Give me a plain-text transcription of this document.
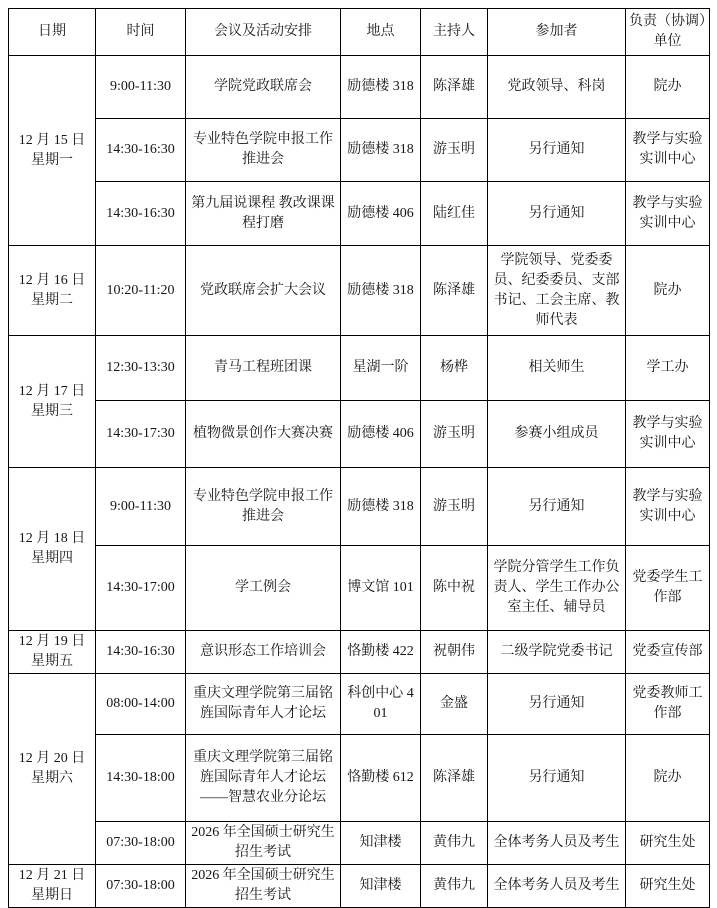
日期	时间	会议及活动安排	地点	主持人	参加者	负责（协调）单位

12 月 15 日
星期一	9:00-11:30	学院党政联席会	励德楼 318	陈泽雄	党政领导、科岗	院办
	14:30-16:30	专业特色学院申报工作推进会	励德楼 318	游玉明	另行通知	教学与实验实训中心
	14:30-16:30	第九届说课程 教改课课程打磨	励德楼 406	陆红佳	另行通知	教学与实验实训中心

12 月 16 日
星期二	10:20-11:20	党政联席会扩大会议	励德楼 318	陈泽雄	学院领导、党委委员、纪委委员、支部书记、工会主席、教师代表	院办

12 月 17 日
星期三	12:30-13:30	青马工程班团课	星湖一阶	杨桦	相关师生	学工办
	14:30-17:30	植物微景创作大赛决赛	励德楼 406	游玉明	参赛小组成员	教学与实验实训中心

12 月 18 日
星期四	9:00-11:30	专业特色学院申报工作推进会	励德楼 318	游玉明	另行通知	教学与实验实训中心
	14:30-17:00	学工例会	博文馆 101	陈中祝	学院分管学生工作负责人、学生工作办公室主任、辅导员	党委学生工作部

12 月 19 日
星期五	14:30-16:30	意识形态工作培训会	恪勤楼 422	祝朝伟	二级学院党委书记	党委宣传部

12 月 20 日
星期六	08:00-14:00	重庆文理学院第三届铭旌国际青年人才论坛	科创中心 401	金盛	另行通知	党委教师工作部
	14:30-18:00	重庆文理学院第三届铭旌国际青年人才论坛——智慧农业分论坛	恪勤楼 612	陈泽雄	另行通知	院办
	07:30-18:00	2026 年全国硕士研究生招生考试	知津楼	黄伟九	全体考务人员及考生	研究生处

12 月 21 日
星期日	07:30-18:00	2026 年全国硕士研究生招生考试	知津楼	黄伟九	全体考务人员及考生	研究生处
